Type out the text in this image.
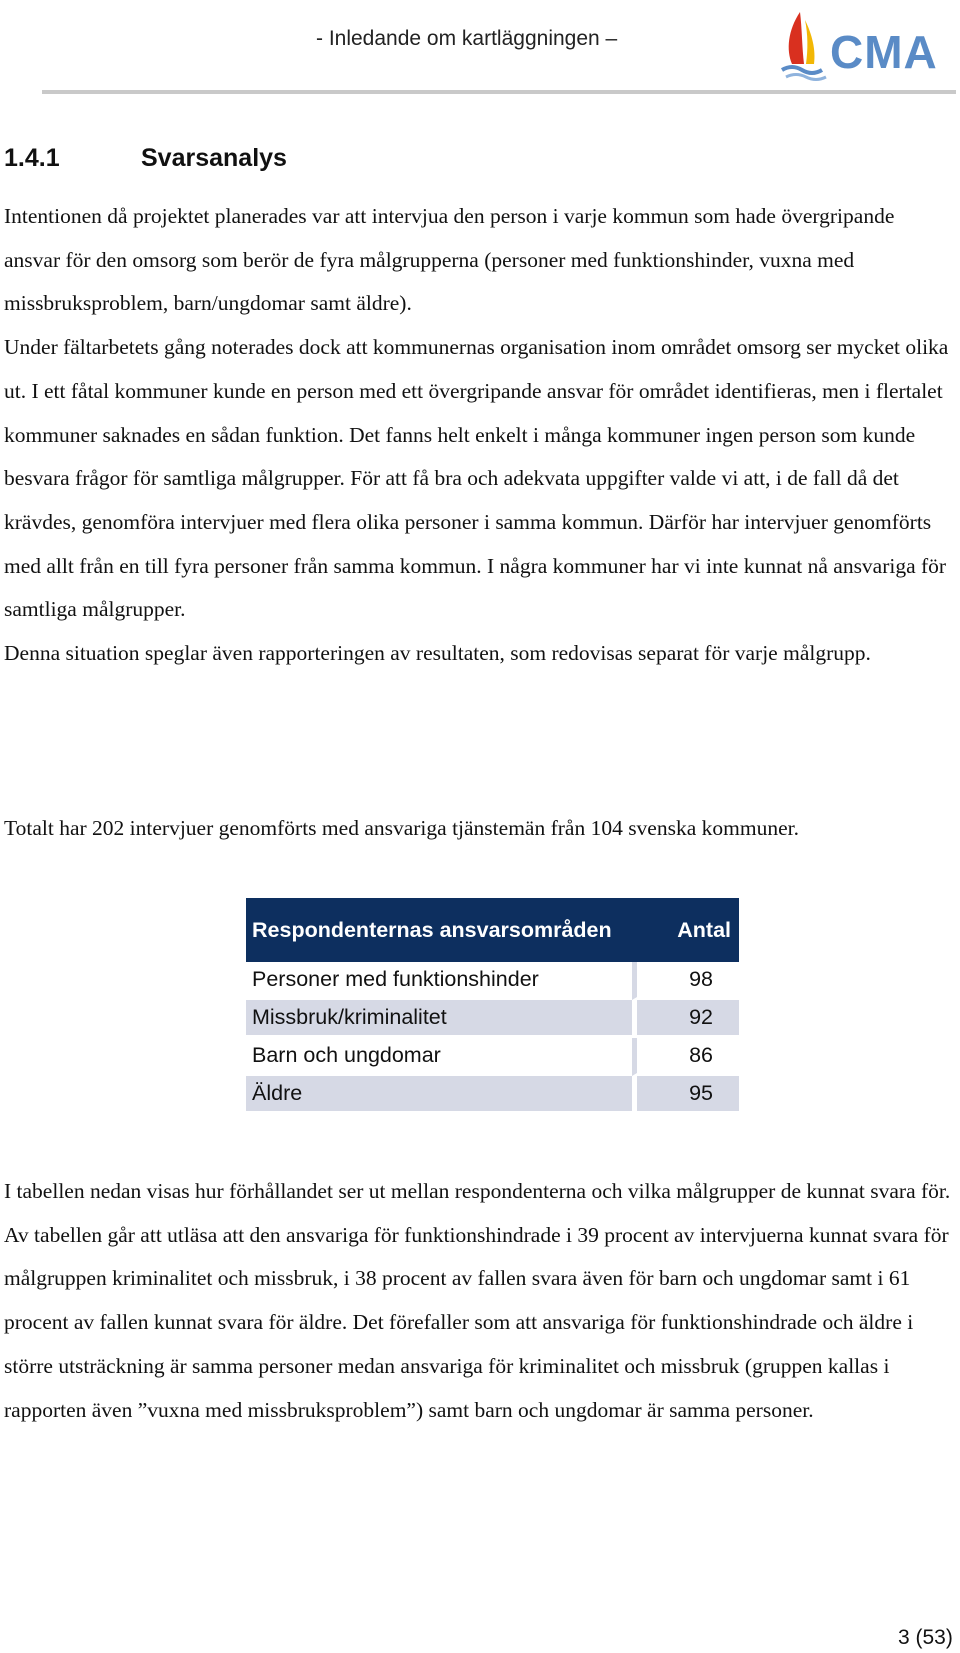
- Inledande om kartläggningen –	CMA
1.4.1	Svarsanalys

Intentionen då projektet planerades var att intervjua den person i varje kommun som hade övergripande ansvar för den omsorg som berör de fyra målgrupperna (personer med funktionshinder, vuxna med missbruksproblem, barn/ungdomar samt äldre).

Under fältarbetets gång noterades dock att kommunernas organisation inom området omsorg ser mycket olika ut. I ett fåtal kommuner kunde en person med ett övergripande ansvar för området identifieras, men i flertalet kommuner saknades en sådan funktion. Det fanns helt enkelt i många kommuner ingen person som kunde besvara frågor för samtliga målgrupper. För att få bra och adekvata uppgifter valde vi att, i de fall då det krävdes, genomföra intervjuer med flera olika personer i samma kommun. Därför har intervjuer genomförts med allt från en till fyra personer från samma kommun. I några kommuner har vi inte kunnat nå ansvariga för samtliga målgrupper.

Denna situation speglar även rapporteringen av resultaten, som redovisas separat för varje målgrupp.

Totalt har 202 intervjuer genomförts med ansvariga tjänstemän från 104 svenska kommuner.

Respondenternas ansvarsområden	Antal
Personer med funktionshinder	98
Missbruk/kriminalitet	92
Barn och ungdomar	86
Äldre	95

I tabellen nedan visas hur förhållandet ser ut mellan respondenterna och vilka målgrupper de kunnat svara för. Av tabellen går att utläsa att den ansvariga för funktionshindrade i 39 procent av intervjuerna kunnat svara för målgruppen kriminalitet och missbruk, i 38 procent av fallen svara även för barn och ungdomar samt i 61 procent av fallen kunnat svara för äldre. Det förefaller som att ansvariga för funktionshindrade och äldre i större utsträckning är samma personer medan ansvariga för kriminalitet och missbruk (gruppen kallas i rapporten även ”vuxna med missbruksproblem”) samt barn och ungdomar är samma personer.

3 (53)
